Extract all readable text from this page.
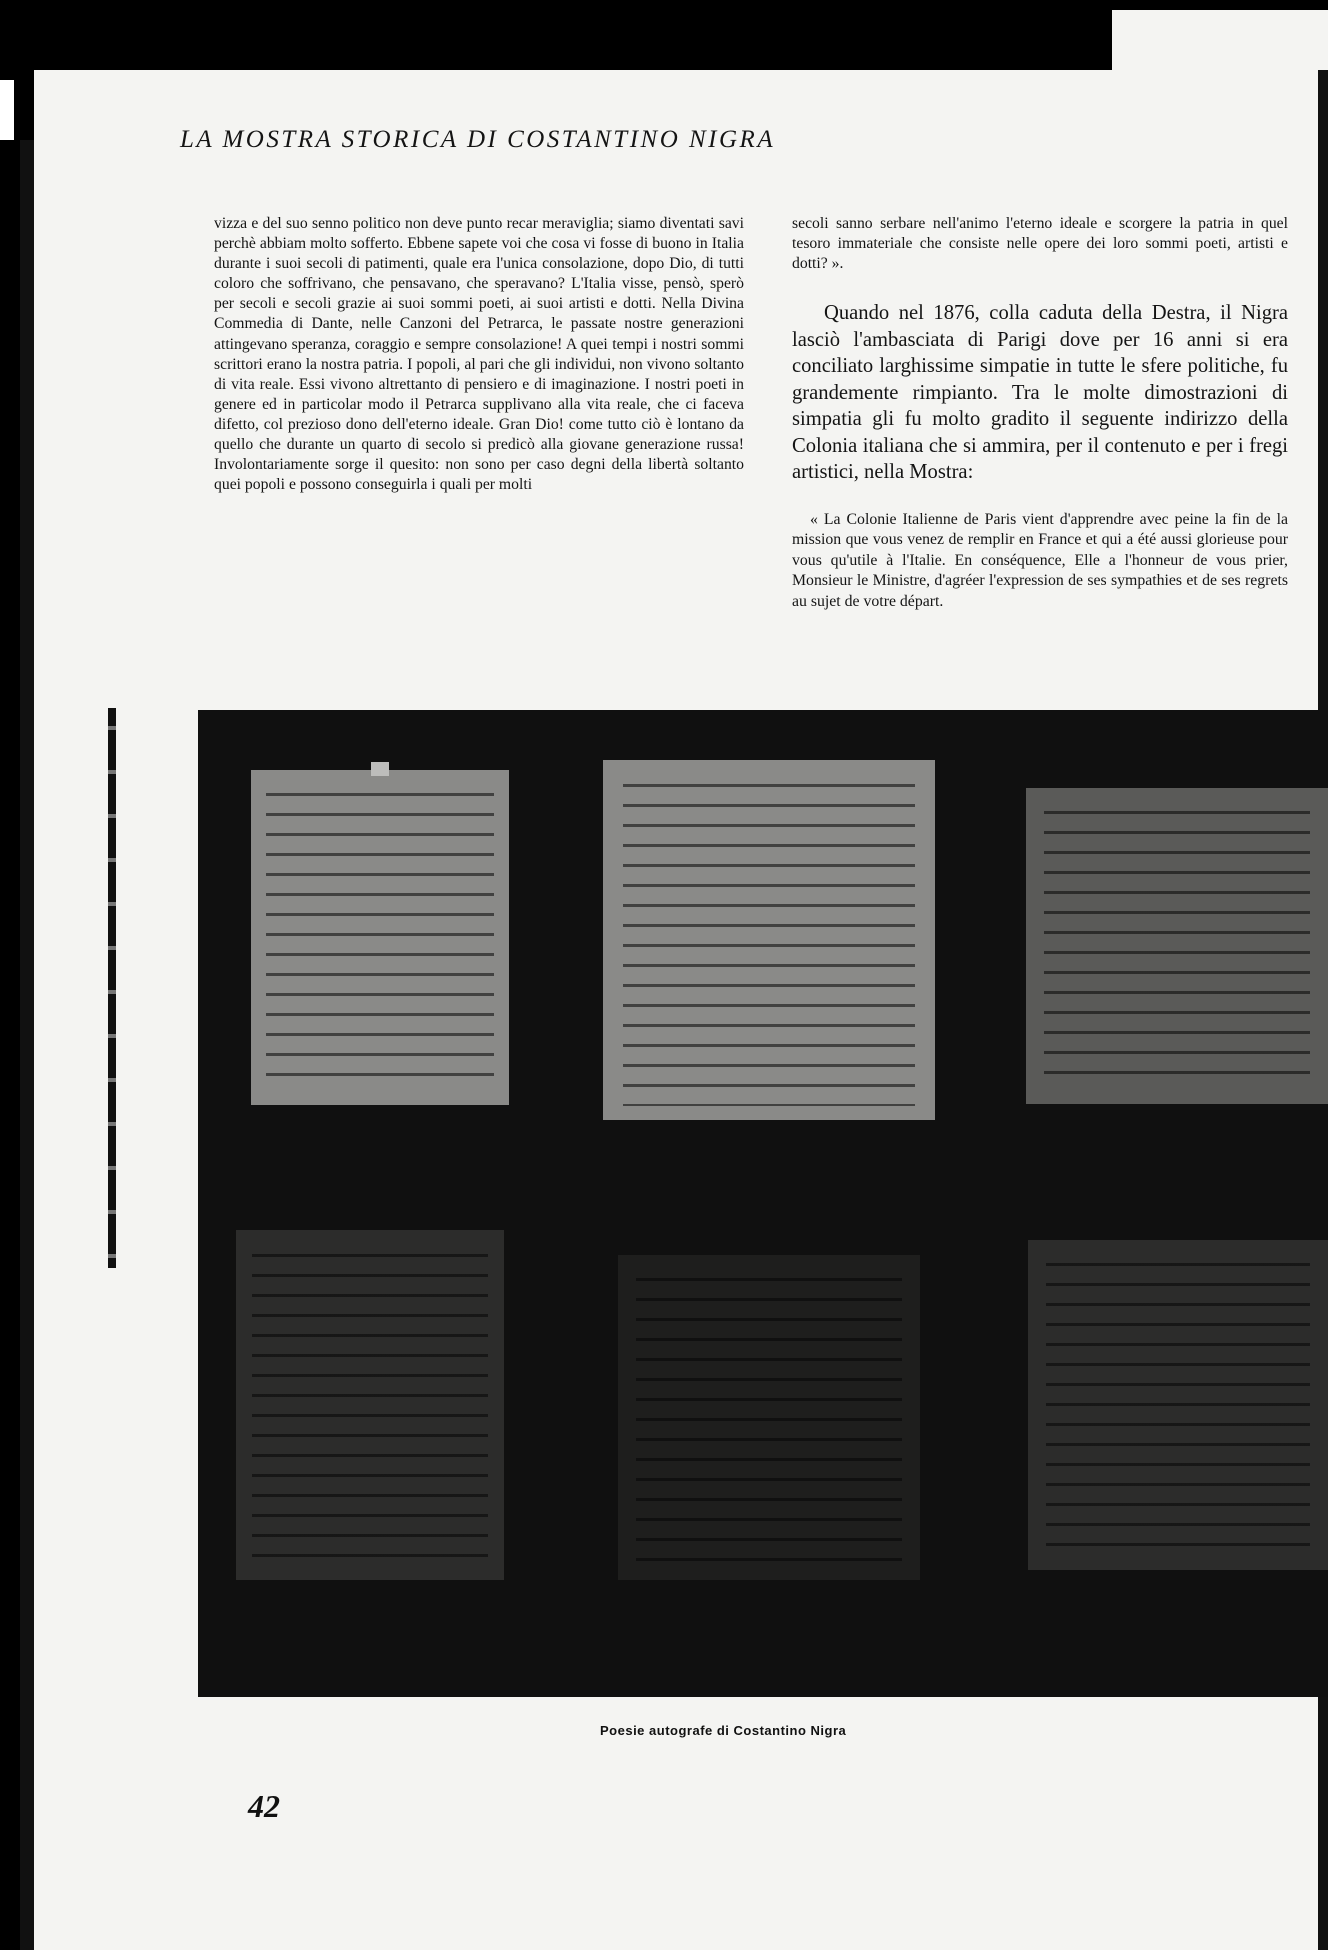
LA MOSTRA STORICA DI COSTANTINO NIGRA

vizza e del suo senno politico non deve punto recar meraviglia; siamo diventati savi perchè abbiam molto sofferto. Ebbene sapete voi che cosa vi fosse di buono in Italia durante i suoi secoli di patimenti, quale era l'unica consolazione, dopo Dio, di tutti coloro che soffrivano, che pensavano, che speravano? L'Italia visse, pensò, sperò per secoli e secoli grazie ai suoi sommi poeti, ai suoi artisti e dotti. Nella Divina Commedia di Dante, nelle Canzoni del Petrarca, le passate nostre generazioni attingevano speranza, coraggio e sempre consolazione! A quei tempi i nostri sommi scrittori erano la nostra patria. I popoli, al pari che gli individui, non vivono soltanto di vita reale. Essi vivono altrettanto di pensiero e di imaginazione. I nostri poeti in genere ed in particolar modo il Petrarca supplivano alla vita reale, che ci faceva difetto, col prezioso dono dell'eterno ideale. Gran Dio! come tutto ciò è lontano da quello che durante un quarto di secolo si predicò alla giovane generazione russa! Involontariamente sorge il quesito: non sono per caso degni della libertà soltanto quei popoli e possono conseguirla i quali per molti

secoli sanno serbare nell'animo l'eterno ideale e scorgere la patria in quel tesoro immateriale che consiste nelle opere dei loro sommi poeti, artisti e dotti? ».

Quando nel 1876, colla caduta della Destra, il Nigra lasciò l'ambasciata di Parigi dove per 16 anni si era conciliato larghissime simpatie in tutte le sfere politiche, fu grandemente rimpianto. Tra le molte dimostrazioni di simpatia gli fu molto gradito il seguente indirizzo della Colonia italiana che si ammira, per il contenuto e per i fregi artistici, nella Mostra:

« La Colonie Italienne de Paris vient d'apprendre avec peine la fin de la mission que vous venez de remplir en France et qui a été aussi glorieuse pour vous qu'utile à l'Italie. En conséquence, Elle a l'honneur de vous prier, Monsieur le Ministre, d'agréer l'expression de ses sympathies et de ses regrets au sujet de votre départ.

Poesie autografe di Costantino Nigra

42
